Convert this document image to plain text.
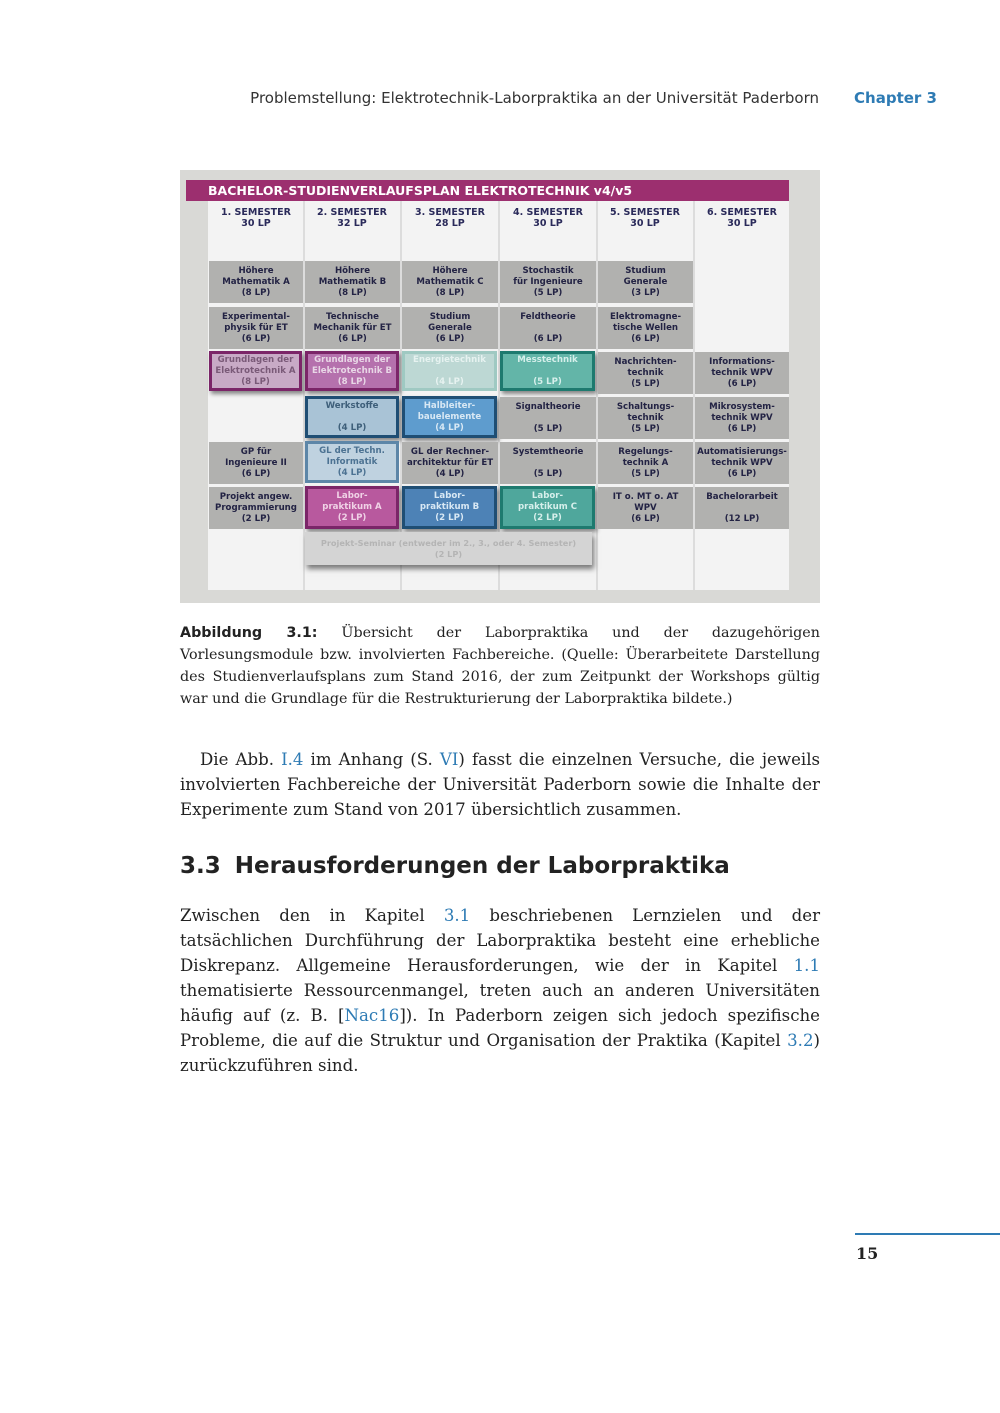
Problemstellung: Elektrotechnik-Laborpraktika an der Universität Paderborn Chapter 3
BACHELOR-STUDIENVERLAUFSPLAN ELEKTROTECHNIK v4/v5
1. SEMESTER
30 LP
2. SEMESTER
32 LP
3. SEMESTER
28 LP
4. SEMESTER
30 LP
5. SEMESTER
30 LP
6. SEMESTER
30 LP
Höhere
Mathematik A
(8 LP)
Experimental-
physik für ET
(6 LP)
Grundlagen der
Elektrotechnik A
(8 LP)
GP für
Ingenieure II
(6 LP)
Projekt angew.
Programmierung
(2 LP)
Höhere
Mathematik B
(8 LP)
Technische
Mechanik für ET
(6 LP)
Grundlagen der
Elektrotechnik B
(8 LP)
Werkstoffe

(4 LP)
GL der Techn.
Informatik
(4 LP)
Labor-
praktikum A
(2 LP)
Höhere
Mathematik C
(8 LP)
Studium
Generale
(6 LP)
Energietechnik

(4 LP)
Halbleiter-
bauelemente
(4 LP)
GL der Rechner-
architektur für ET
(4 LP)
Labor-
praktikum B
(2 LP)
Stochastik
für Ingenieure
(5 LP)
Feldtheorie

(6 LP)
Messtechnik

(5 LP)
Signaltheorie

(5 LP)
Systemtheorie

(5 LP)
Labor-
praktikum C
(2 LP)
Studium
Generale
(3 LP)
Elektromagne-
tische Wellen
(6 LP)
Nachrichten-
technik
(5 LP)
Schaltungs-
technik
(5 LP)
Regelungs-
technik A
(5 LP)
IT o. MT o. AT
WPV
(6 LP)
Informations-
technik WPV
(6 LP)
Mikrosystem-
technik WPV
(6 LP)
Automatisierungs-
technik WPV
(6 LP)
Bachelorarbeit

(12 LP)
Projekt-Seminar (entweder im 2., 3., oder 4. Semester)
(2 LP)
Abbildung 3.1: Übersicht der Laborpraktika und der dazugehörigen Vorlesungsmodule bzw. involvierten Fachbereiche. (Quelle: Überarbeitete Darstellung des Studienverlaufsplans zum Stand 2016, der zum Zeitpunkt der Workshops gültig war und die Grundlage für die Restrukturierung der Laborpraktika bildete.)
Die Abb. I.4 im Anhang (S. VI) fasst die einzelnen Versuche, die jeweils involvierten Fachbereiche der Universität Paderborn sowie die Inhalte der Experimente zum Stand von 2017 übersichtlich zusammen.
3.3 Herausforderungen der Laborpraktika
Zwischen den in Kapitel 3.1 beschriebenen Lernzielen und der tatsächlichen Durchführung der Laborpraktika besteht eine erhebliche Diskrepanz. Allgemeine Herausforderungen, wie der in Kapitel 1.1 thematisierte Ressourcenmangel, treten auch an anderen Universitäten häufig auf (z. B. [Nac16]). In Paderborn zeigen sich jedoch spezifische Probleme, die auf die Struktur und Organisation der Praktika (Kapitel 3.2) zurückzuführen sind.
15
